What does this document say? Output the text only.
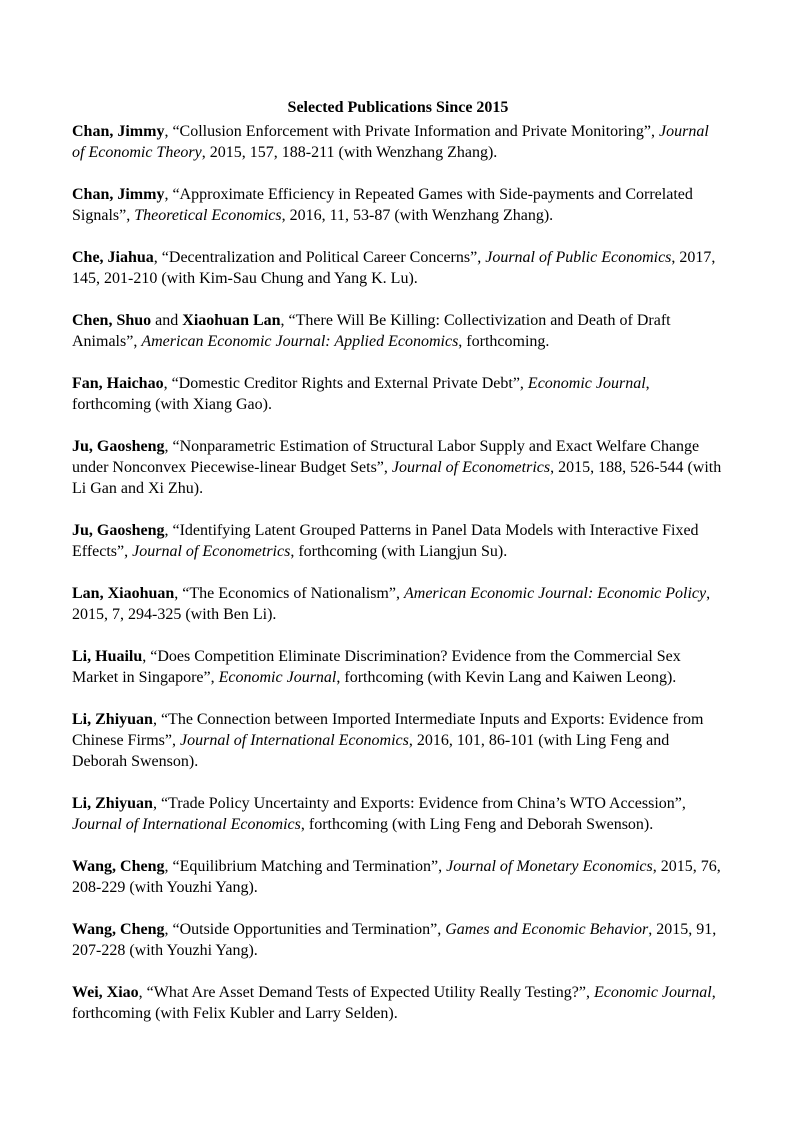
Selected Publications Since 2015

Chan, Jimmy, “Collusion Enforcement with Private Information and Private Monitoring”, Journal of Economic Theory, 2015, 157, 188-211 (with Wenzhang Zhang).

Chan, Jimmy, “Approximate Efficiency in Repeated Games with Side-payments and Correlated Signals”, Theoretical Economics, 2016, 11, 53-87 (with Wenzhang Zhang).

Che, Jiahua, “Decentralization and Political Career Concerns”, Journal of Public Economics, 2017, 145, 201-210 (with Kim-Sau Chung and Yang K. Lu).

Chen, Shuo and Xiaohuan Lan, “There Will Be Killing: Collectivization and Death of Draft Animals”, American Economic Journal: Applied Economics, forthcoming.

Fan, Haichao, “Domestic Creditor Rights and External Private Debt”, Economic Journal, forthcoming (with Xiang Gao).

Ju, Gaosheng, “Nonparametric Estimation of Structural Labor Supply and Exact Welfare Change under Nonconvex Piecewise-linear Budget Sets”, Journal of Econometrics, 2015, 188, 526-544 (with Li Gan and Xi Zhu).

Ju, Gaosheng, “Identifying Latent Grouped Patterns in Panel Data Models with Interactive Fixed Effects”, Journal of Econometrics, forthcoming (with Liangjun Su).

Lan, Xiaohuan, “The Economics of Nationalism”, American Economic Journal: Economic Policy, 2015, 7, 294-325 (with Ben Li).

Li, Huailu, “Does Competition Eliminate Discrimination? Evidence from the Commercial Sex Market in Singapore”, Economic Journal, forthcoming (with Kevin Lang and Kaiwen Leong).

Li, Zhiyuan, “The Connection between Imported Intermediate Inputs and Exports: Evidence from Chinese Firms”, Journal of International Economics, 2016, 101, 86-101 (with Ling Feng and Deborah Swenson).

Li, Zhiyuan, “Trade Policy Uncertainty and Exports: Evidence from China’s WTO Accession”, Journal of International Economics, forthcoming (with Ling Feng and Deborah Swenson).

Wang, Cheng, “Equilibrium Matching and Termination”, Journal of Monetary Economics, 2015, 76, 208-229 (with Youzhi Yang).

Wang, Cheng, “Outside Opportunities and Termination”, Games and Economic Behavior, 2015, 91, 207-228 (with Youzhi Yang).

Wei, Xiao, “What Are Asset Demand Tests of Expected Utility Really Testing?”, Economic Journal, forthcoming (with Felix Kubler and Larry Selden).
